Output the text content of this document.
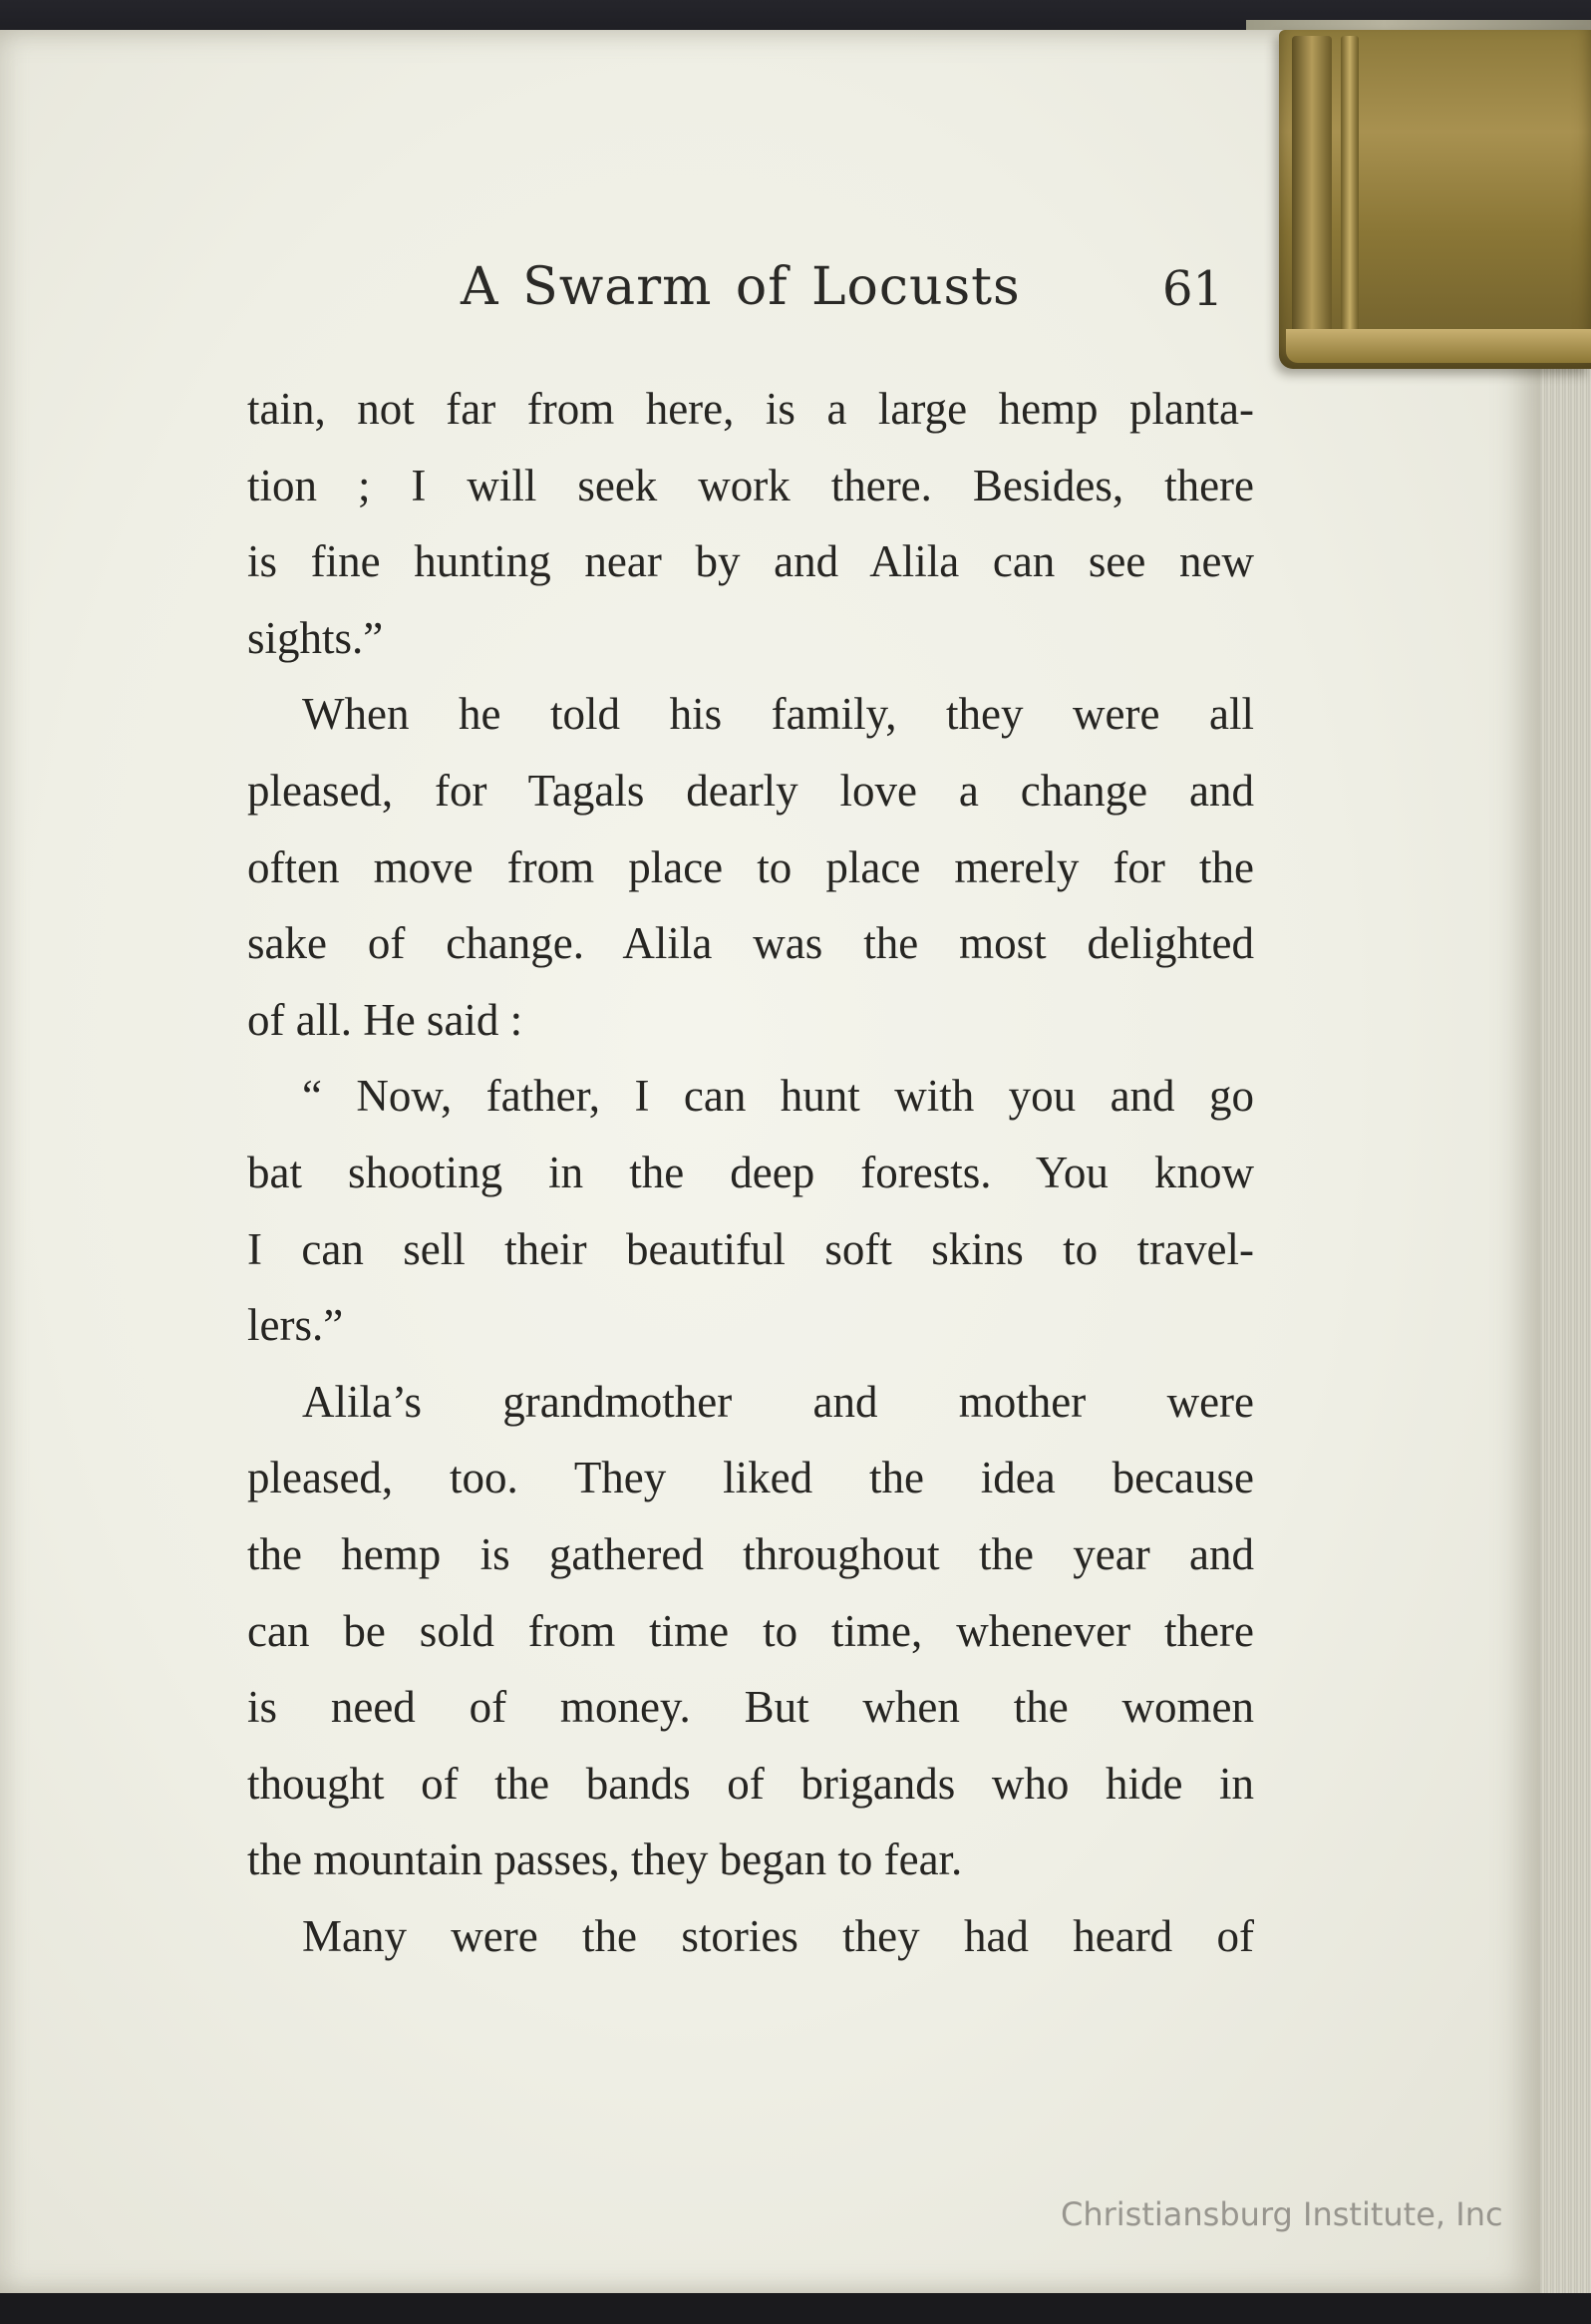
A Swarm of Locusts	61
tain, not far from here, is a large hemp planta-
tion ; I will seek work there. Besides, there
is fine hunting near by and Alila can see new
sights.”
When he told his family, they were all
pleased, for Tagals dearly love a change and
often move from place to place merely for the
sake of change. Alila was the most delighted
of all. He said :
“ Now, father, I can hunt with you and go
bat shooting in the deep forests. You know
I can sell their beautiful soft skins to travel-
lers.”
Alila’s grandmother and mother were
pleased, too. They liked the idea because
the hemp is gathered throughout the year and
can be sold from time to time, whenever there
is need of money. But when the women
thought of the bands of brigands who hide in
the mountain passes, they began to fear.
Many were the stories they had heard of
Christiansburg Institute, Inc
